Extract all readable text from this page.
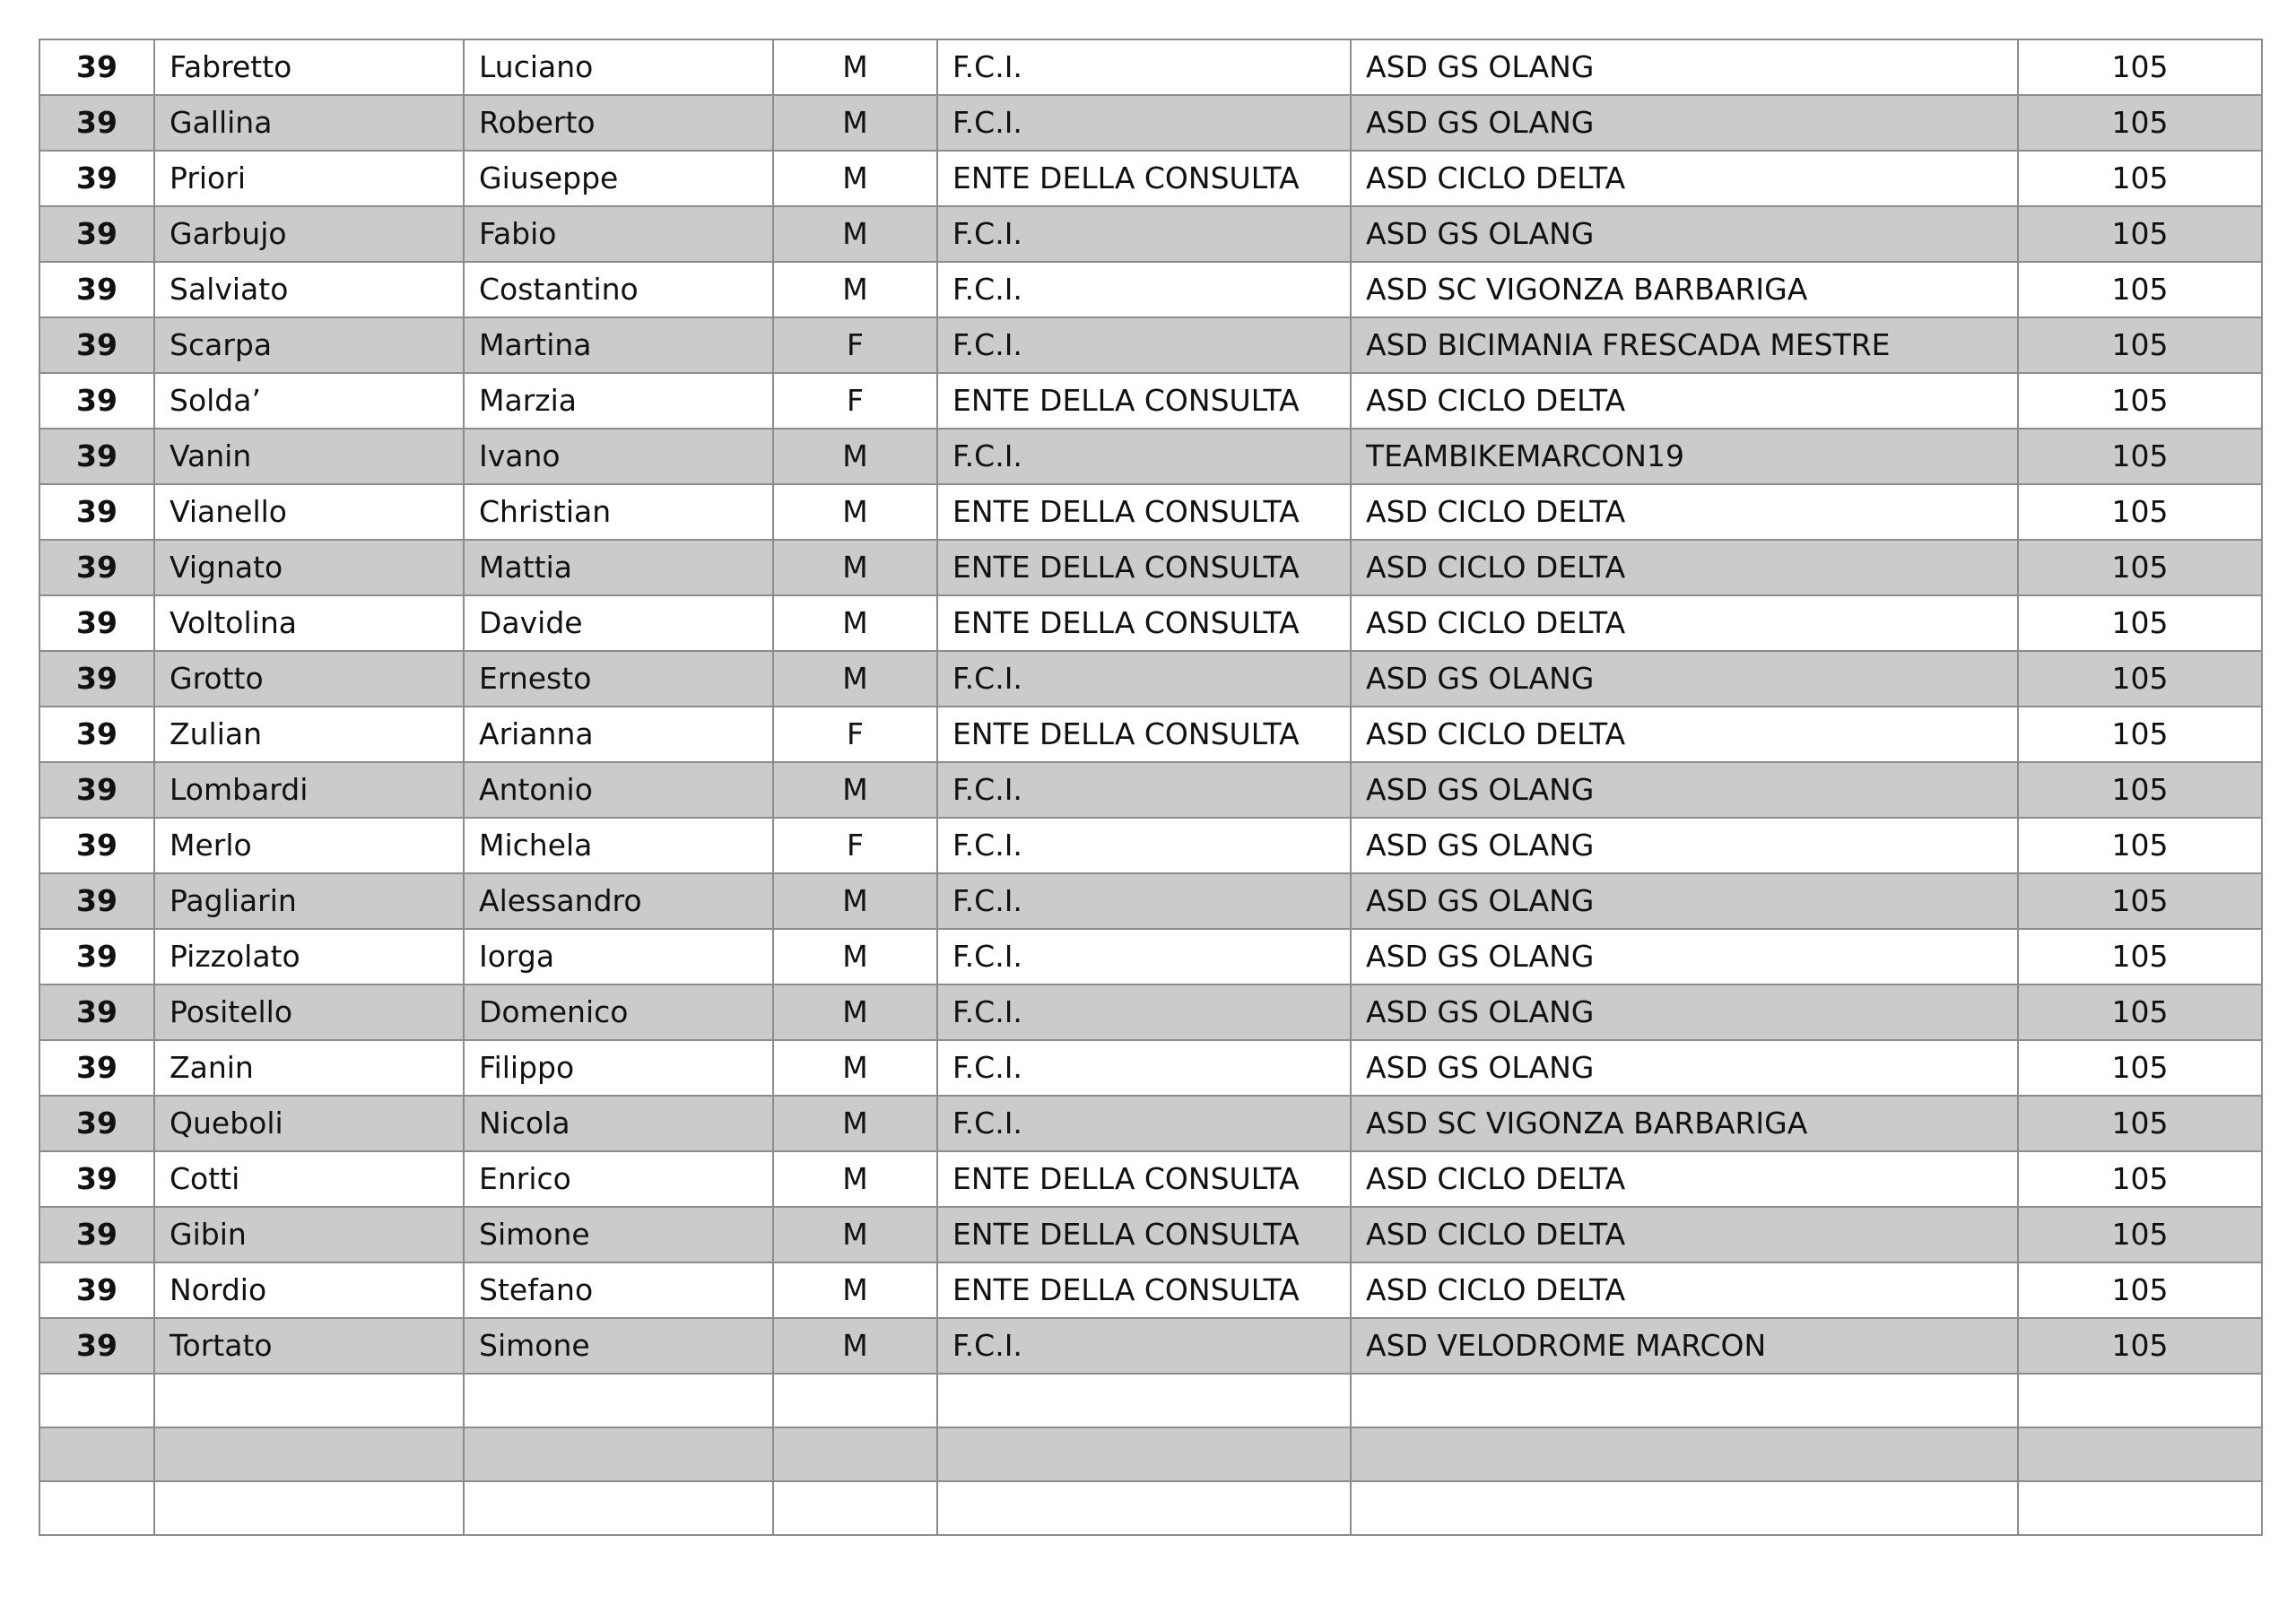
39	Fabretto	Luciano	M	F.C.I.	ASD GS OLANG	105
39	Gallina	Roberto	M	F.C.I.	ASD GS OLANG	105
39	Priori	Giuseppe	M	ENTE DELLA CONSULTA	ASD CICLO DELTA	105
39	Garbujo	Fabio	M	F.C.I.	ASD GS OLANG	105
39	Salviato	Costantino	M	F.C.I.	ASD SC VIGONZA BARBARIGA	105
39	Scarpa	Martina	F	F.C.I.	ASD BICIMANIA FRESCADA MESTRE	105
39	Solda’	Marzia	F	ENTE DELLA CONSULTA	ASD CICLO DELTA	105
39	Vanin	Ivano	M	F.C.I.	TEAMBIKEMARCON19	105
39	Vianello	Christian	M	ENTE DELLA CONSULTA	ASD CICLO DELTA	105
39	Vignato	Mattia	M	ENTE DELLA CONSULTA	ASD CICLO DELTA	105
39	Voltolina	Davide	M	ENTE DELLA CONSULTA	ASD CICLO DELTA	105
39	Grotto	Ernesto	M	F.C.I.	ASD GS OLANG	105
39	Zulian	Arianna	F	ENTE DELLA CONSULTA	ASD CICLO DELTA	105
39	Lombardi	Antonio	M	F.C.I.	ASD GS OLANG	105
39	Merlo	Michela	F	F.C.I.	ASD GS OLANG	105
39	Pagliarin	Alessandro	M	F.C.I.	ASD GS OLANG	105
39	Pizzolato	Iorga	M	F.C.I.	ASD GS OLANG	105
39	Positello	Domenico	M	F.C.I.	ASD GS OLANG	105
39	Zanin	Filippo	M	F.C.I.	ASD GS OLANG	105
39	Queboli	Nicola	M	F.C.I.	ASD SC VIGONZA BARBARIGA	105
39	Cotti	Enrico	M	ENTE DELLA CONSULTA	ASD CICLO DELTA	105
39	Gibin	Simone	M	ENTE DELLA CONSULTA	ASD CICLO DELTA	105
39	Nordio	Stefano	M	ENTE DELLA CONSULTA	ASD CICLO DELTA	105
39	Tortato	Simone	M	F.C.I.	ASD VELODROME MARCON	105
